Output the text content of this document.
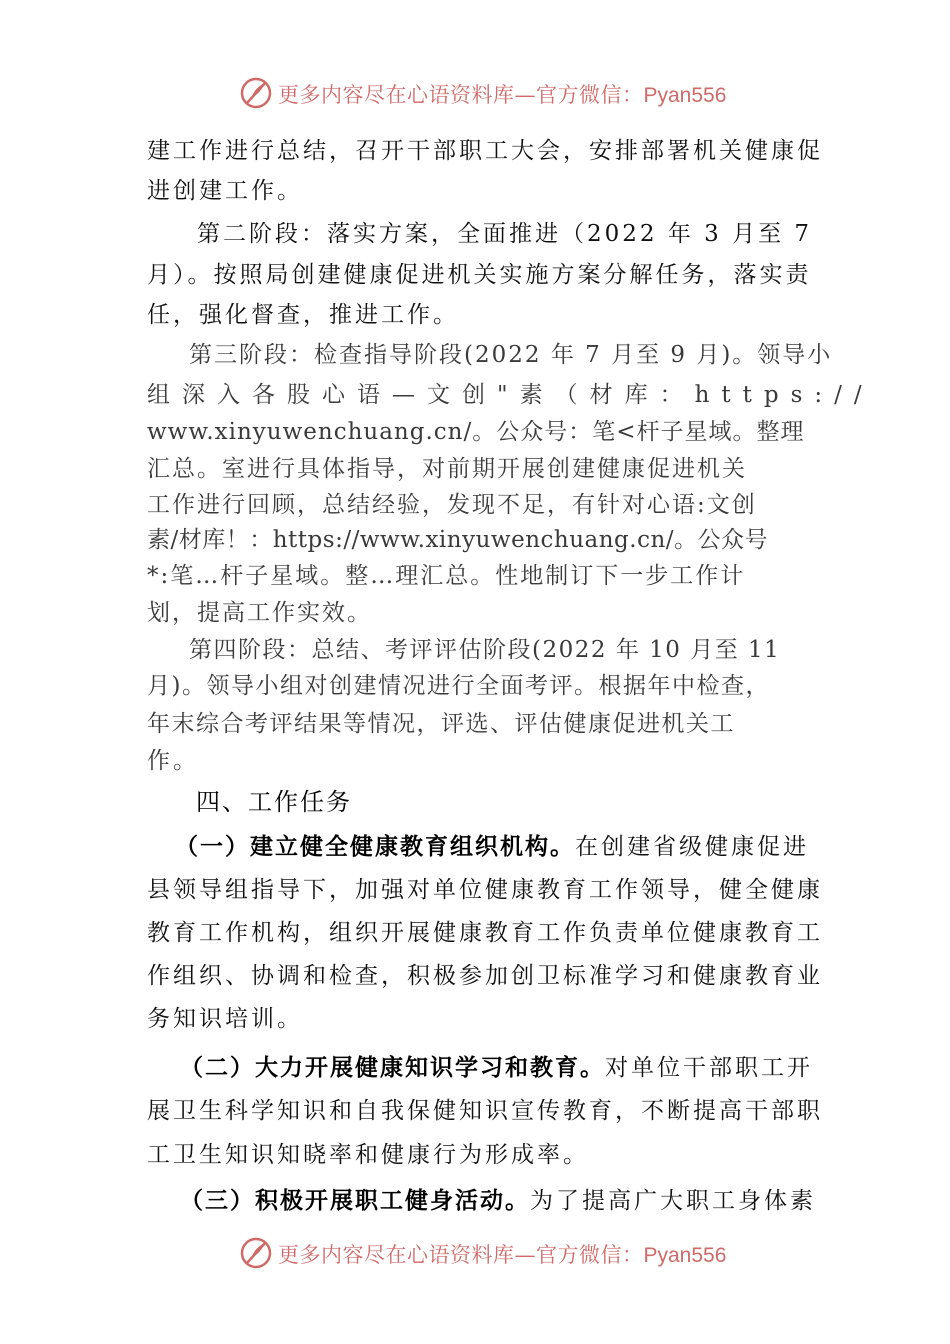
更多内容尽在心语资料库—官方微信：Pyan556
建工作进行总结，召开干部职工大会，安排部署机关健康促
进创建工作。
第二阶段：落实方案，全面推进（2022 年 3 月至 7
月）。按照局创建健康促进机关实施方案分解任务，落实责
任，强化督查，推进工作。
第三阶段：检查指导阶段(2022 年 7 月至 9 月)。领导小
组深入各股心语—文创"素（材库：https://
www.xinyuwenchuang.cn/。公众号：笔<杆子星域。整理
汇总。室进行具体指导，对前期开展创建健康促进机关
工作进行回顾，总结经验，发现不足，有针对心语:文创
素/材库！：https://www.xinyuwenchuang.cn/。公众号
*:笔…杆子星域。整…理汇总。性地制订下一步工作计
划，提高工作实效。
第四阶段：总结、考评评估阶段(2022 年 10 月至 11
月)。领导小组对创建情况进行全面考评。根据年中检查，
年末综合考评结果等情况，评选、评估健康促进机关工
作。
四、工作任务
（一）建立健全健康教育组织机构。在创建省级健康促进
县领导组指导下，加强对单位健康教育工作领导，健全健康
教育工作机构，组织开展健康教育工作负责单位健康教育工
作组织、协调和检查，积极参加创卫标准学习和健康教育业
务知识培训。
（二）大力开展健康知识学习和教育。对单位干部职工开
展卫生科学知识和自我保健知识宣传教育，不断提高干部职
工卫生知识知晓率和健康行为形成率。
（三）积极开展职工健身活动。为了提高广大职工身体素
更多内容尽在心语资料库—官方微信：Pyan556
